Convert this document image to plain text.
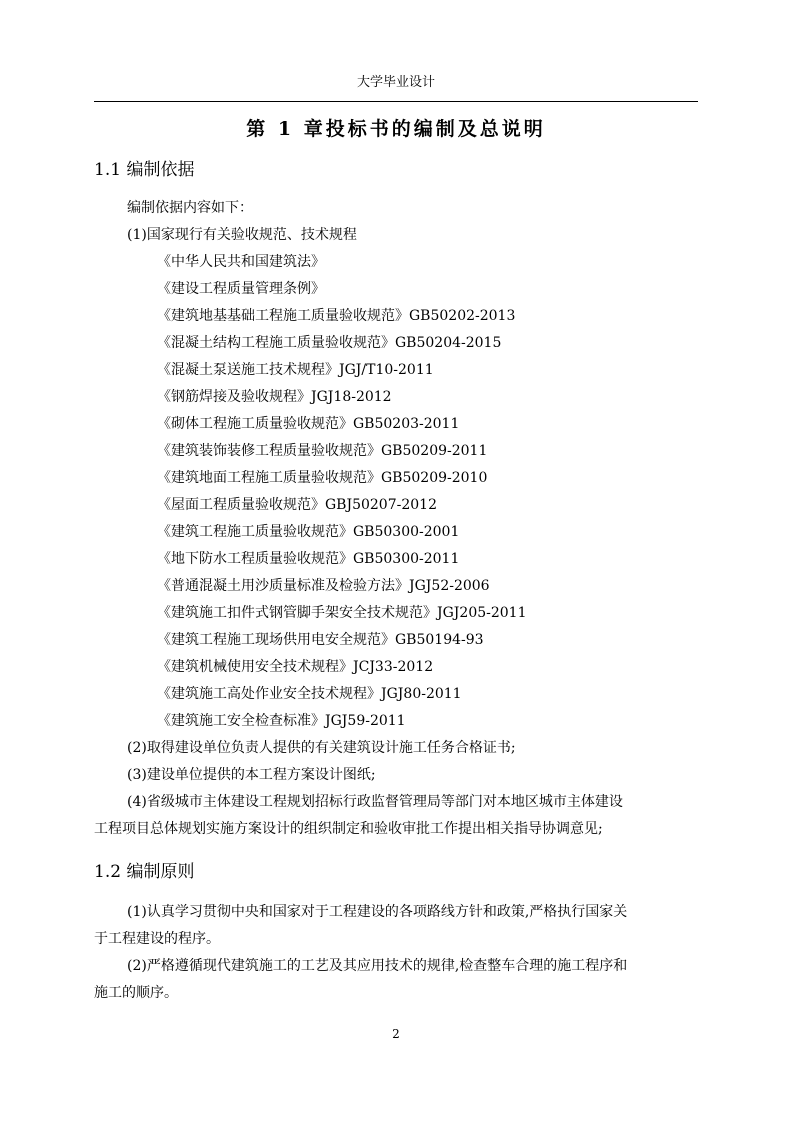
大学毕业设计
第 1 章投标书的编制及总说明
1.1 编制依据
编制依据内容如下：
(1)国家现行有关验收规范、技术规程
《中华人民共和国建筑法》
《建设工程质量管理条例》
《建筑地基基础工程施工质量验收规范》GB50202-2013
《混凝土结构工程施工质量验收规范》GB50204-2015
《混凝土泵送施工技术规程》JGJ/T10-2011
《钢筋焊接及验收规程》JGJ18-2012
《砌体工程施工质量验收规范》GB50203-2011
《建筑装饰装修工程质量验收规范》GB50209-2011
《建筑地面工程施工质量验收规范》GB50209-2010
《屋面工程质量验收规范》GBJ50207-2012
《建筑工程施工质量验收规范》GB50300-2001
《地下防水工程质量验收规范》GB50300-2011
《普通混凝土用沙质量标准及检验方法》JGJ52-2006
《建筑施工扣件式钢管脚手架安全技术规范》JGJ205-2011
《建筑工程施工现场供用电安全规范》GB50194-93
《建筑机械使用安全技术规程》JCJ33-2012
《建筑施工高处作业安全技术规程》JGJ80-2011
《建筑施工安全检查标准》JGJ59-2011
(2)取得建设单位负责人提供的有关建筑设计施工任务合格证书;
(3)建设单位提供的本工程方案设计图纸;
(4)省级城市主体建设工程规划招标行政监督管理局等部门对本地区城市主体建设
工程项目总体规划实施方案设计的组织制定和验收审批工作提出相关指导协调意见;
1.2 编制原则
(1)认真学习贯彻中央和国家对于工程建设的各项路线方针和政策,严格执行国家关
于工程建设的程序。
(2)严格遵循现代建筑施工的工艺及其应用技术的规律,检查整车合理的施工程序和
施工的顺序。
2
